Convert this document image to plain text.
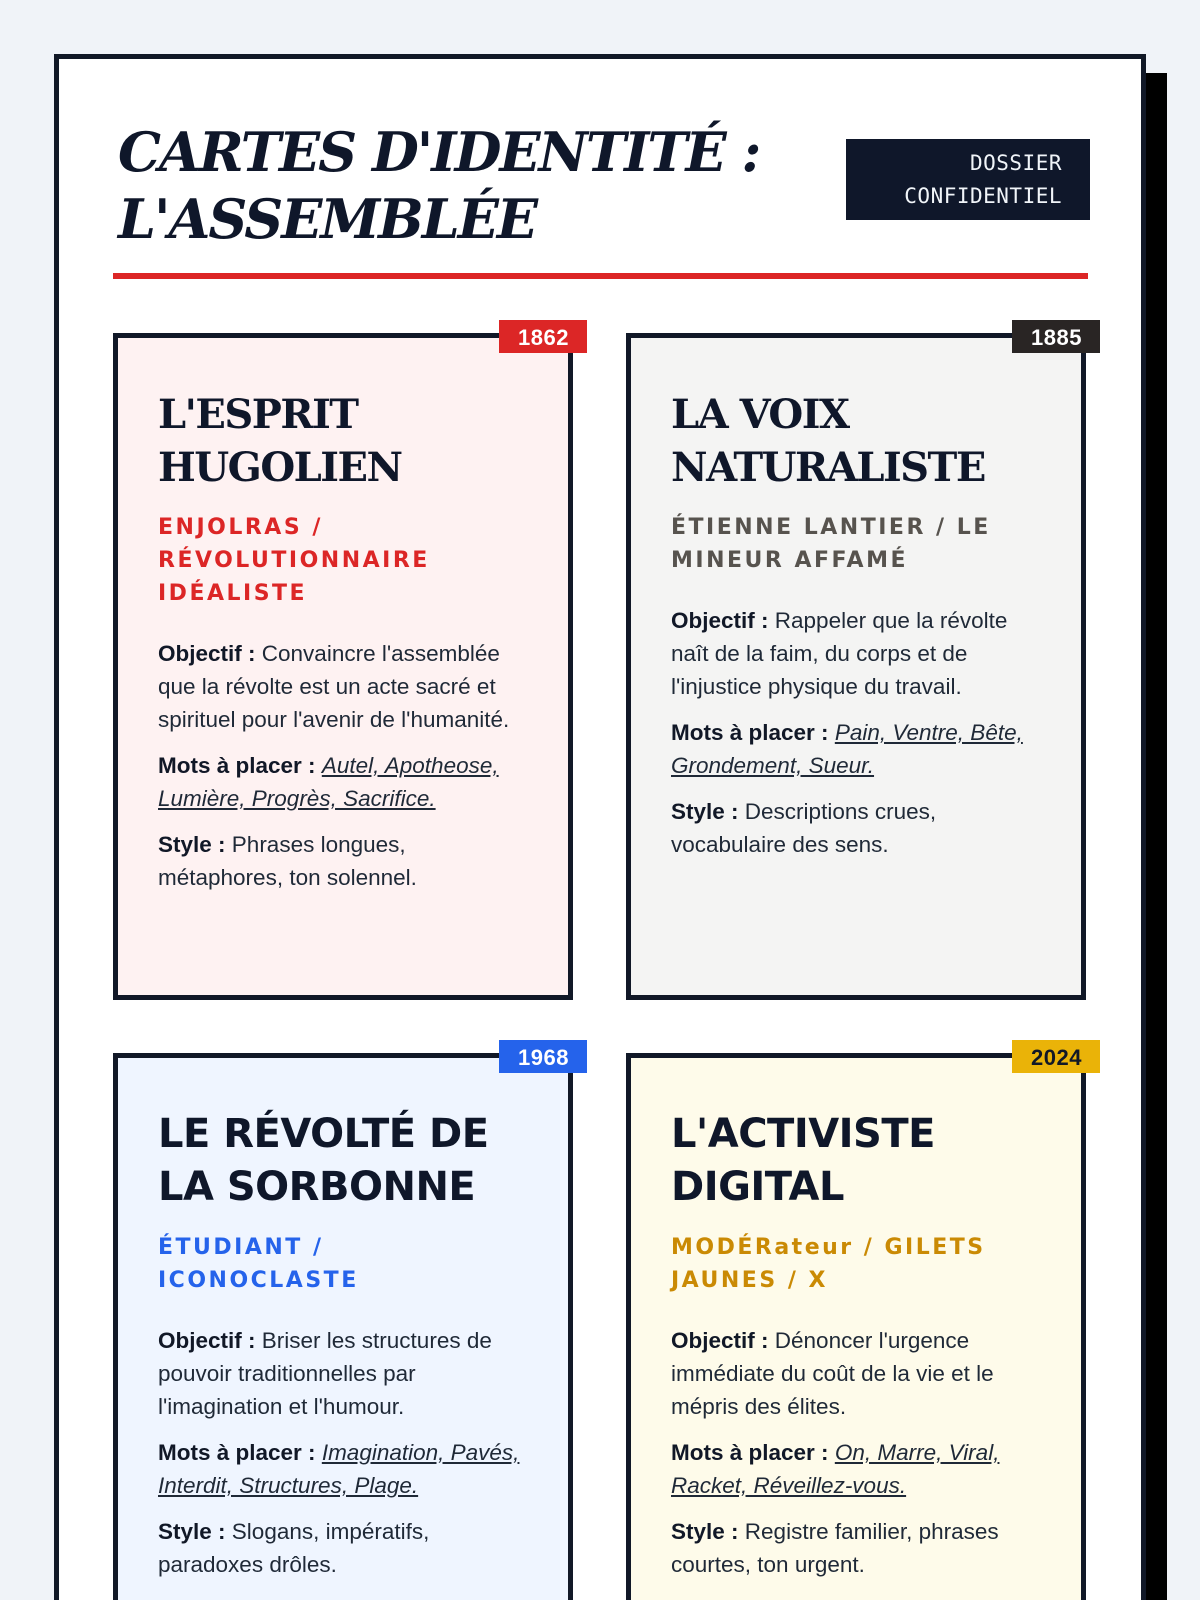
CARTES D'IDENTITÉ :
L'ASSEMBLÉE
DOSSIER
CONFIDENTIEL
1862
L'ESPRIT HUGOLIEN
ENJOLRAS / RÉVOLUTIONNAIRE IDÉALISTE

Objectif : Convaincre l'assemblée que la révolte est un acte sacré et spirituel pour l'avenir de l'humanité.

Mots à placer : Autel, Apotheose, Lumière, Progrès, Sacrifice.

Style : Phrases longues, métaphores, ton solennel.

1885
LA VOIX NATURALISTE
ÉTIENNE LANTIER / LE MINEUR AFFAMÉ

Objectif : Rappeler que la révolte naît de la faim, du corps et de l'injustice physique du travail.

Mots à placer : Pain, Ventre, Bête, Grondement, Sueur.

Style : Descriptions crues, vocabulaire des sens.

1968
LE RÉVOLTÉ DE LA SORBONNE
ÉTUDIANT / ICONOCLASTE

Objectif : Briser les structures de pouvoir traditionnelles par l'imagination et l'humour.

Mots à placer : Imagination, Pavés, Interdit, Structures, Plage.

Style : Slogans, impératifs, paradoxes drôles.

2024
L'ACTIVISTE DIGITAL
MODÉRateur / GILETS JAUNES / X

Objectif : Dénoncer l'urgence immédiate du coût de la vie et le mépris des élites.

Mots à placer : On, Marre, Viral, Racket, Réveillez-vous.

Style : Registre familier, phrases courtes, ton urgent.
